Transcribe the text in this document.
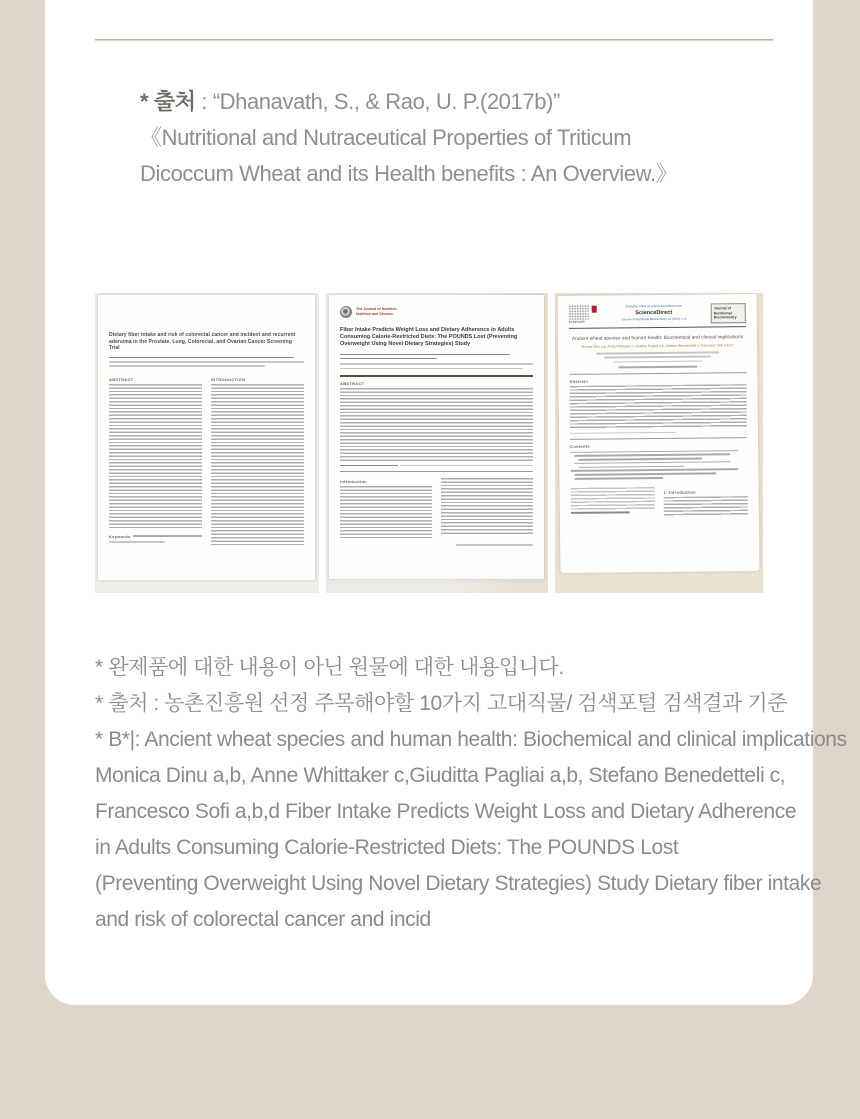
* 출처 : “Dhanavath, S., & Rao, U. P.(2017b)”
《Nutritional and Nutraceutical Properties of Triticum
Dicoccum Wheat and its Health benefits : An Overview.》
Dietary fiber intake and risk of colorectal cancer and incident and recurrent adenoma in the Prostate, Lung, Colorectal, and Ovarian Cancer Screening Trial
ABSTRACT
Keywords
INTRODUCTION
The Journal of Nutrition
Nutrition and Disease
Fiber Intake Predicts Weight Loss and Dietary Adherence in Adults Consuming Calorie-Restricted Diets: The POUNDS Lost (Preventing Overweight Using Novel Dietary Strategies) Study
ABSTRACT
Introduction
ELSEVIER
Available online at www.sciencedirect.com
ScienceDirect
Journal of Nutritional Biochemistry xx (2016) 1–9
Journal of Nutritional Biochemistry
Ancient wheat species and human health: Biochemical and clinical implications
Monica Dinu a,b, Anne Whittaker c, Giuditta Pagliai a,b, Stefano Benedettelli c, Francesco Sofi a,b,d,*
Abstract
Contents
1. Introduction
* 완제품에 대한 내용이 아닌 원물에 대한 내용입니다.
* 출처 : 농촌진흥원 선정 주목해야할 10가지 고대직물/ 검색포털 검색결과 기준
* B*|: Ancient wheat species and human health: Biochemical and clinical implications
Monica Dinu a,b, Anne Whittaker c,Giuditta Pagliai a,b, Stefano Benedetteli c,
Francesco Sofi a,b,d Fiber Intake Predicts Weight Loss and Dietary Adherence
in Adults Consuming Calorie-Restricted Diets: The POUNDS Lost
(Preventing Overweight Using Novel Dietary Strategies) Study Dietary fiber intake
and risk of colorectal cancer and incid
